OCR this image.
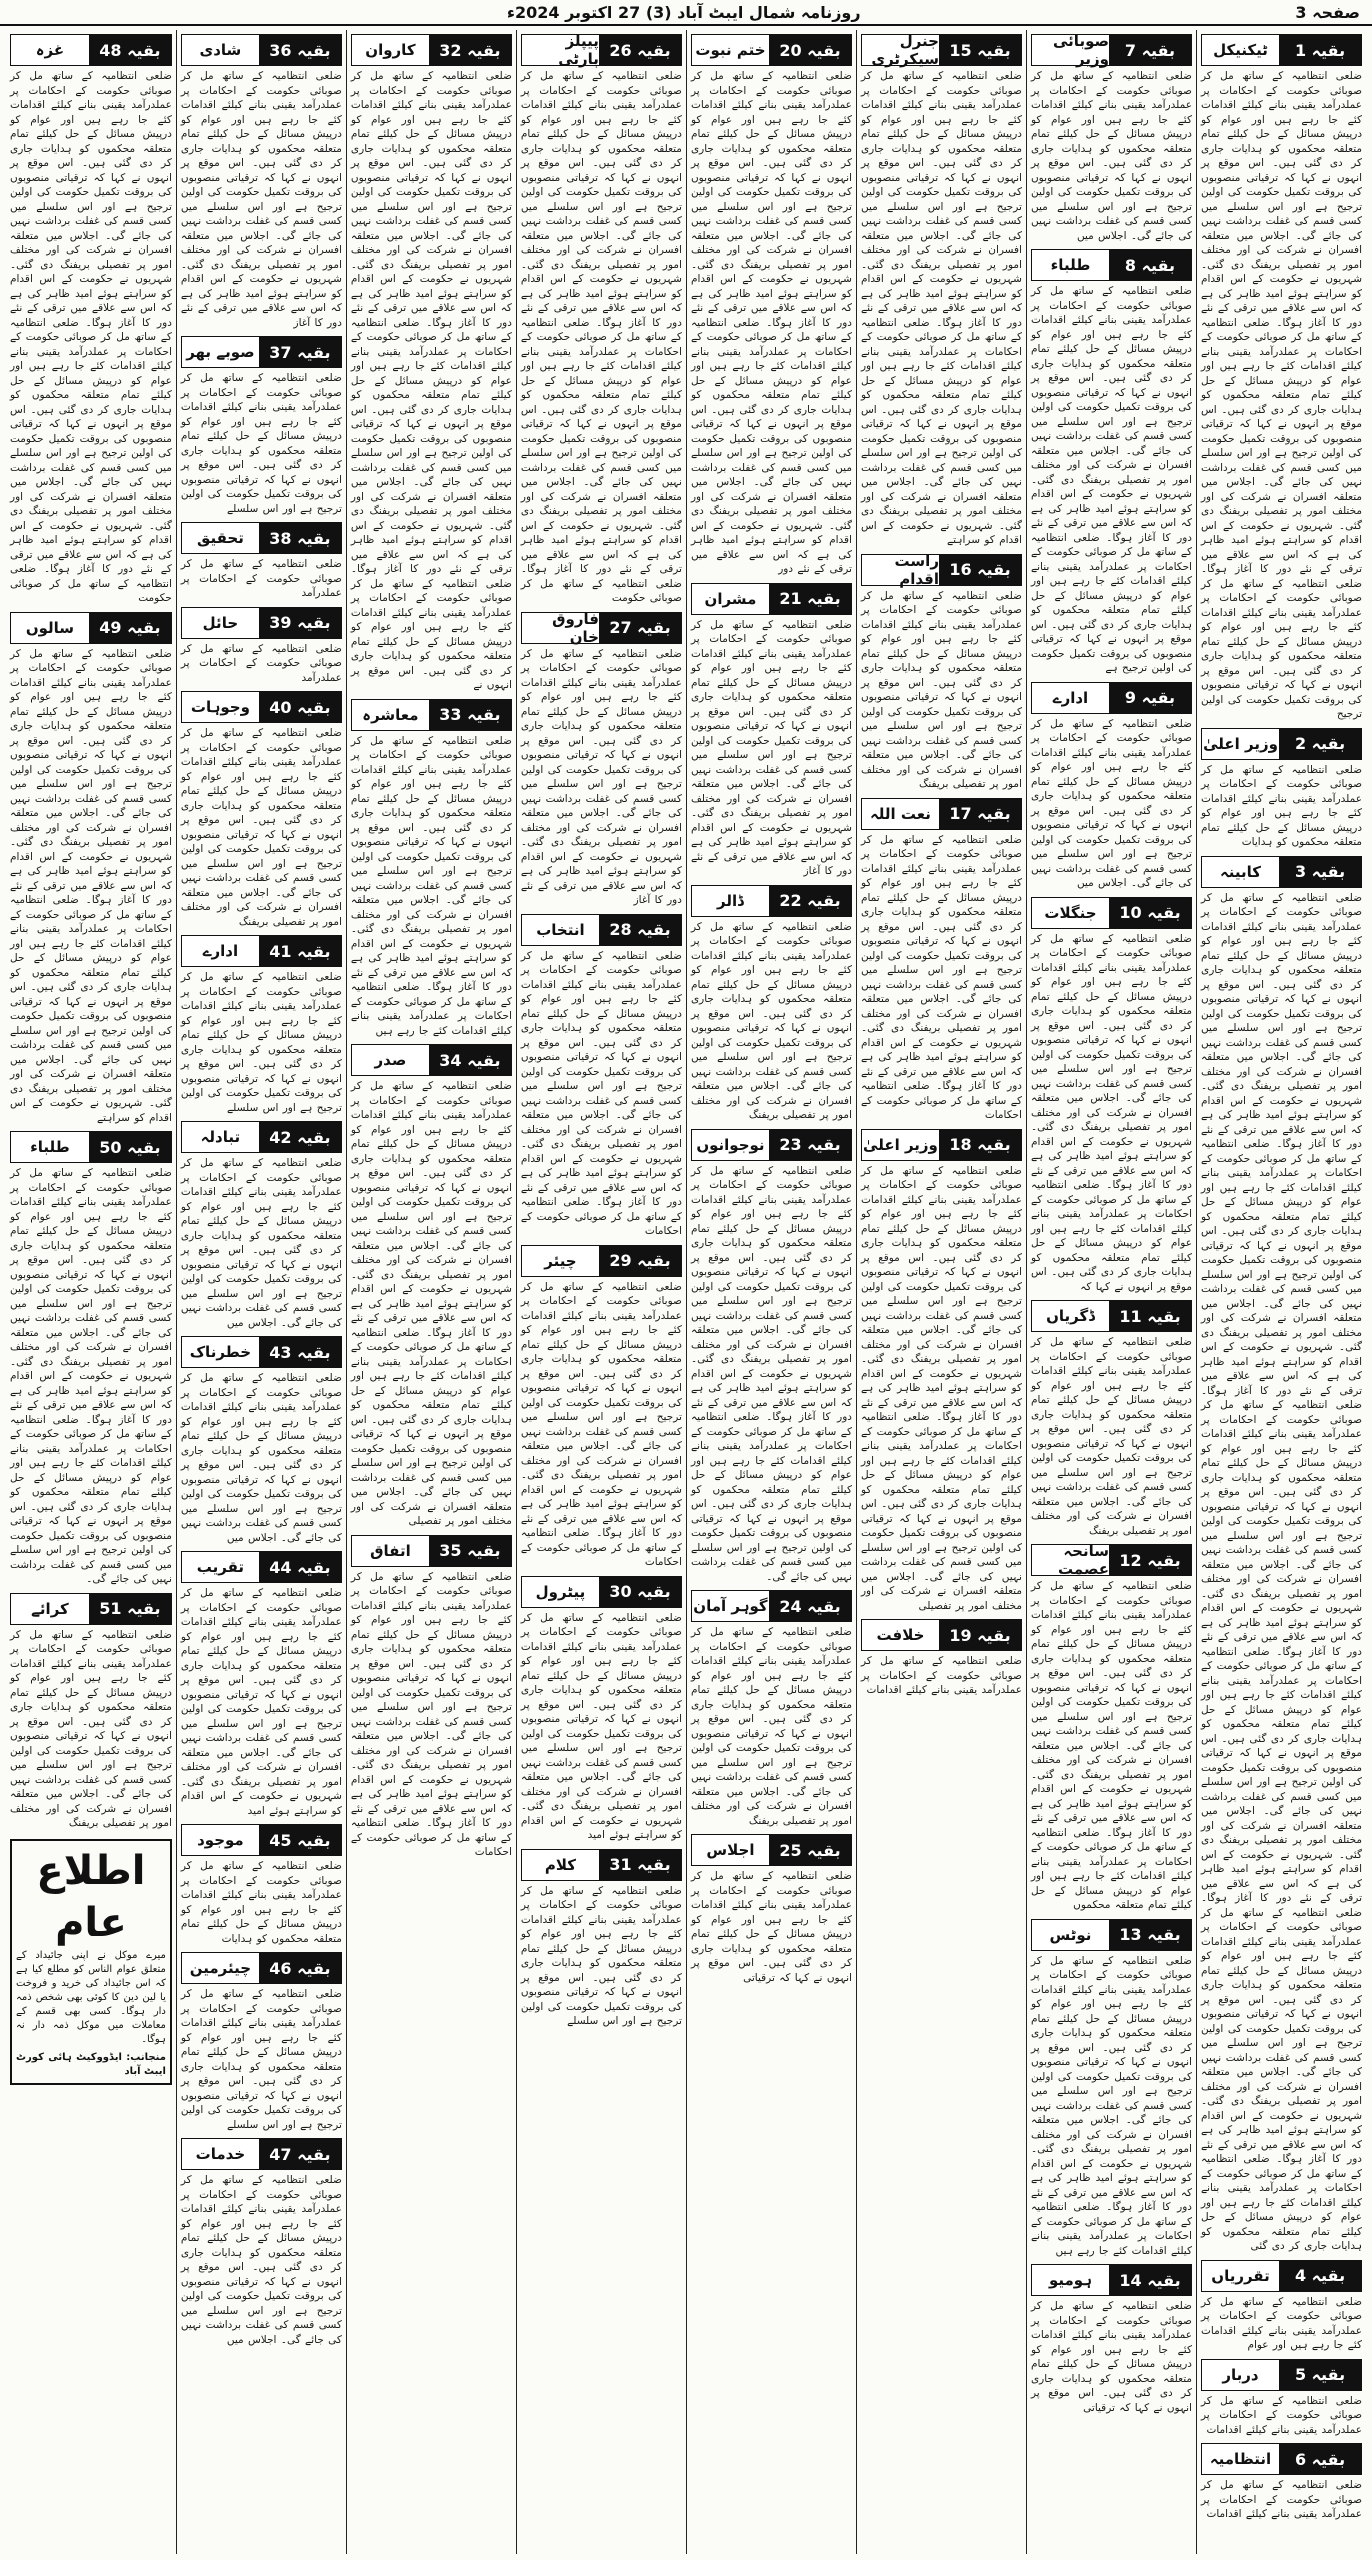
صفحہ 3
روزنامہ شمال ایبٹ آباد (3) 27 اکتوبر 2024ء
بقیہ 1
ٹیکنیکل
ضلعی انتظامیہ کے ساتھ مل کر صوبائی حکومت کے احکامات پر عملدرآمد یقینی بنانے کیلئے اقدامات کئے جا رہے ہیں اور عوام کو درپیش مسائل کے حل کیلئے تمام متعلقہ محکموں کو ہدایات جاری کر دی گئی ہیں۔ اس موقع پر انہوں نے کہا کہ ترقیاتی منصوبوں کی بروقت تکمیل حکومت کی اولین ترجیح ہے اور اس سلسلے میں کسی قسم کی غفلت برداشت نہیں کی جائے گی۔ اجلاس میں متعلقہ افسران نے شرکت کی اور مختلف امور پر تفصیلی بریفنگ دی گئی۔ شہریوں نے حکومت کے اس اقدام کو سراہتے ہوئے امید ظاہر کی ہے کہ اس سے علاقے میں ترقی کے نئے دور کا آغاز ہوگا۔ ضلعی انتظامیہ کے ساتھ مل کر صوبائی حکومت کے احکامات پر عملدرآمد یقینی بنانے کیلئے اقدامات کئے جا رہے ہیں اور عوام کو درپیش مسائل کے حل کیلئے تمام متعلقہ محکموں کو ہدایات جاری کر دی گئی ہیں۔ اس موقع پر انہوں نے کہا کہ ترقیاتی منصوبوں کی بروقت تکمیل حکومت کی اولین ترجیح ہے اور اس سلسلے میں کسی قسم کی غفلت برداشت نہیں کی جائے گی۔ اجلاس میں متعلقہ افسران نے شرکت کی اور مختلف امور پر تفصیلی بریفنگ دی گئی۔ شہریوں نے حکومت کے اس اقدام کو سراہتے ہوئے امید ظاہر کی ہے کہ اس سے علاقے میں ترقی کے نئے دور کا آغاز ہوگا۔ ضلعی انتظامیہ کے ساتھ مل کر صوبائی حکومت کے احکامات پر عملدرآمد یقینی بنانے کیلئے اقدامات کئے جا رہے ہیں اور عوام کو درپیش مسائل کے حل کیلئے تمام متعلقہ محکموں کو ہدایات جاری کر دی گئی ہیں۔ اس موقع پر انہوں نے کہا کہ ترقیاتی منصوبوں کی بروقت تکمیل حکومت کی اولین ترجیح
بقیہ 2
وزیر اعلیٰ
ضلعی انتظامیہ کے ساتھ مل کر صوبائی حکومت کے احکامات پر عملدرآمد یقینی بنانے کیلئے اقدامات کئے جا رہے ہیں اور عوام کو درپیش مسائل کے حل کیلئے تمام متعلقہ محکموں کو ہدایات
بقیہ 3
کابینہ
ضلعی انتظامیہ کے ساتھ مل کر صوبائی حکومت کے احکامات پر عملدرآمد یقینی بنانے کیلئے اقدامات کئے جا رہے ہیں اور عوام کو درپیش مسائل کے حل کیلئے تمام متعلقہ محکموں کو ہدایات جاری کر دی گئی ہیں۔ اس موقع پر انہوں نے کہا کہ ترقیاتی منصوبوں کی بروقت تکمیل حکومت کی اولین ترجیح ہے اور اس سلسلے میں کسی قسم کی غفلت برداشت نہیں کی جائے گی۔ اجلاس میں متعلقہ افسران نے شرکت کی اور مختلف امور پر تفصیلی بریفنگ دی گئی۔ شہریوں نے حکومت کے اس اقدام کو سراہتے ہوئے امید ظاہر کی ہے کہ اس سے علاقے میں ترقی کے نئے دور کا آغاز ہوگا۔ ضلعی انتظامیہ کے ساتھ مل کر صوبائی حکومت کے احکامات پر عملدرآمد یقینی بنانے کیلئے اقدامات کئے جا رہے ہیں اور عوام کو درپیش مسائل کے حل کیلئے تمام متعلقہ محکموں کو ہدایات جاری کر دی گئی ہیں۔ اس موقع پر انہوں نے کہا کہ ترقیاتی منصوبوں کی بروقت تکمیل حکومت کی اولین ترجیح ہے اور اس سلسلے میں کسی قسم کی غفلت برداشت نہیں کی جائے گی۔ اجلاس میں متعلقہ افسران نے شرکت کی اور مختلف امور پر تفصیلی بریفنگ دی گئی۔ شہریوں نے حکومت کے اس اقدام کو سراہتے ہوئے امید ظاہر کی ہے کہ اس سے علاقے میں ترقی کے نئے دور کا آغاز ہوگا۔ ضلعی انتظامیہ کے ساتھ مل کر صوبائی حکومت کے احکامات پر عملدرآمد یقینی بنانے کیلئے اقدامات کئے جا رہے ہیں اور عوام کو درپیش مسائل کے حل کیلئے تمام متعلقہ محکموں کو ہدایات جاری کر دی گئی ہیں۔ اس موقع پر انہوں نے کہا کہ ترقیاتی منصوبوں کی بروقت تکمیل حکومت کی اولین ترجیح ہے اور اس سلسلے میں کسی قسم کی غفلت برداشت نہیں کی جائے گی۔ اجلاس میں متعلقہ افسران نے شرکت کی اور مختلف امور پر تفصیلی بریفنگ دی گئی۔ شہریوں نے حکومت کے اس اقدام کو سراہتے ہوئے امید ظاہر کی ہے کہ اس سے علاقے میں ترقی کے نئے دور کا آغاز ہوگا۔ ضلعی انتظامیہ کے ساتھ مل کر صوبائی حکومت کے احکامات پر عملدرآمد یقینی بنانے کیلئے اقدامات کئے جا رہے ہیں اور عوام کو درپیش مسائل کے حل کیلئے تمام متعلقہ محکموں کو ہدایات جاری کر دی گئی ہیں۔ اس موقع پر انہوں نے کہا کہ ترقیاتی منصوبوں کی بروقت تکمیل حکومت کی اولین ترجیح ہے اور اس سلسلے میں کسی قسم کی غفلت برداشت نہیں کی جائے گی۔ اجلاس میں متعلقہ افسران نے شرکت کی اور مختلف امور پر تفصیلی بریفنگ دی گئی۔ شہریوں نے حکومت کے اس اقدام کو سراہتے ہوئے امید ظاہر کی ہے کہ اس سے علاقے میں ترقی کے نئے دور کا آغاز ہوگا۔ ضلعی انتظامیہ کے ساتھ مل کر صوبائی حکومت کے احکامات پر عملدرآمد یقینی بنانے کیلئے اقدامات کئے جا رہے ہیں اور عوام کو درپیش مسائل کے حل کیلئے تمام متعلقہ محکموں کو ہدایات جاری کر دی گئی ہیں۔ اس موقع پر انہوں نے کہا کہ ترقیاتی منصوبوں کی بروقت تکمیل حکومت کی اولین ترجیح ہے اور اس سلسلے میں کسی قسم کی غفلت برداشت نہیں کی جائے گی۔ اجلاس میں متعلقہ افسران نے شرکت کی اور مختلف امور پر تفصیلی بریفنگ دی گئی۔ شہریوں نے حکومت کے اس اقدام کو سراہتے ہوئے امید ظاہر کی ہے کہ اس سے علاقے میں ترقی کے نئے دور کا آغاز ہوگا۔ ضلعی انتظامیہ کے ساتھ مل کر صوبائی حکومت کے احکامات پر عملدرآمد یقینی بنانے کیلئے اقدامات کئے جا رہے ہیں اور عوام کو درپیش مسائل کے حل کیلئے تمام متعلقہ محکموں کو ہدایات جاری کر دی گئی
بقیہ 4
تقرریاں
ضلعی انتظامیہ کے ساتھ مل کر صوبائی حکومت کے احکامات پر عملدرآمد یقینی بنانے کیلئے اقدامات کئے جا رہے ہیں اور عوام
بقیہ 5
دربار
ضلعی انتظامیہ کے ساتھ مل کر صوبائی حکومت کے احکامات پر عملدرآمد یقینی بنانے کیلئے اقدامات
بقیہ 6
انتظامیہ
ضلعی انتظامیہ کے ساتھ مل کر صوبائی حکومت کے احکامات پر عملدرآمد یقینی بنانے کیلئے اقدامات
بقیہ 7
صوبائی وزیر
ضلعی انتظامیہ کے ساتھ مل کر صوبائی حکومت کے احکامات پر عملدرآمد یقینی بنانے کیلئے اقدامات کئے جا رہے ہیں اور عوام کو درپیش مسائل کے حل کیلئے تمام متعلقہ محکموں کو ہدایات جاری کر دی گئی ہیں۔ اس موقع پر انہوں نے کہا کہ ترقیاتی منصوبوں کی بروقت تکمیل حکومت کی اولین ترجیح ہے اور اس سلسلے میں کسی قسم کی غفلت برداشت نہیں کی جائے گی۔ اجلاس میں
بقیہ 8
طلباء
ضلعی انتظامیہ کے ساتھ مل کر صوبائی حکومت کے احکامات پر عملدرآمد یقینی بنانے کیلئے اقدامات کئے جا رہے ہیں اور عوام کو درپیش مسائل کے حل کیلئے تمام متعلقہ محکموں کو ہدایات جاری کر دی گئی ہیں۔ اس موقع پر انہوں نے کہا کہ ترقیاتی منصوبوں کی بروقت تکمیل حکومت کی اولین ترجیح ہے اور اس سلسلے میں کسی قسم کی غفلت برداشت نہیں کی جائے گی۔ اجلاس میں متعلقہ افسران نے شرکت کی اور مختلف امور پر تفصیلی بریفنگ دی گئی۔ شہریوں نے حکومت کے اس اقدام کو سراہتے ہوئے امید ظاہر کی ہے کہ اس سے علاقے میں ترقی کے نئے دور کا آغاز ہوگا۔ ضلعی انتظامیہ کے ساتھ مل کر صوبائی حکومت کے احکامات پر عملدرآمد یقینی بنانے کیلئے اقدامات کئے جا رہے ہیں اور عوام کو درپیش مسائل کے حل کیلئے تمام متعلقہ محکموں کو ہدایات جاری کر دی گئی ہیں۔ اس موقع پر انہوں نے کہا کہ ترقیاتی منصوبوں کی بروقت تکمیل حکومت کی اولین ترجیح ہے
بقیہ 9
ادارے
ضلعی انتظامیہ کے ساتھ مل کر صوبائی حکومت کے احکامات پر عملدرآمد یقینی بنانے کیلئے اقدامات کئے جا رہے ہیں اور عوام کو درپیش مسائل کے حل کیلئے تمام متعلقہ محکموں کو ہدایات جاری کر دی گئی ہیں۔ اس موقع پر انہوں نے کہا کہ ترقیاتی منصوبوں کی بروقت تکمیل حکومت کی اولین ترجیح ہے اور اس سلسلے میں کسی قسم کی غفلت برداشت نہیں کی جائے گی۔ اجلاس میں
بقیہ 10
جنگلات
ضلعی انتظامیہ کے ساتھ مل کر صوبائی حکومت کے احکامات پر عملدرآمد یقینی بنانے کیلئے اقدامات کئے جا رہے ہیں اور عوام کو درپیش مسائل کے حل کیلئے تمام متعلقہ محکموں کو ہدایات جاری کر دی گئی ہیں۔ اس موقع پر انہوں نے کہا کہ ترقیاتی منصوبوں کی بروقت تکمیل حکومت کی اولین ترجیح ہے اور اس سلسلے میں کسی قسم کی غفلت برداشت نہیں کی جائے گی۔ اجلاس میں متعلقہ افسران نے شرکت کی اور مختلف امور پر تفصیلی بریفنگ دی گئی۔ شہریوں نے حکومت کے اس اقدام کو سراہتے ہوئے امید ظاہر کی ہے کہ اس سے علاقے میں ترقی کے نئے دور کا آغاز ہوگا۔ ضلعی انتظامیہ کے ساتھ مل کر صوبائی حکومت کے احکامات پر عملدرآمد یقینی بنانے کیلئے اقدامات کئے جا رہے ہیں اور عوام کو درپیش مسائل کے حل کیلئے تمام متعلقہ محکموں کو ہدایات جاری کر دی گئی ہیں۔ اس موقع پر انہوں نے کہا کہ
بقیہ 11
ڈگریاں
ضلعی انتظامیہ کے ساتھ مل کر صوبائی حکومت کے احکامات پر عملدرآمد یقینی بنانے کیلئے اقدامات کئے جا رہے ہیں اور عوام کو درپیش مسائل کے حل کیلئے تمام متعلقہ محکموں کو ہدایات جاری کر دی گئی ہیں۔ اس موقع پر انہوں نے کہا کہ ترقیاتی منصوبوں کی بروقت تکمیل حکومت کی اولین ترجیح ہے اور اس سلسلے میں کسی قسم کی غفلت برداشت نہیں کی جائے گی۔ اجلاس میں متعلقہ افسران نے شرکت کی اور مختلف امور پر تفصیلی بریفنگ
بقیہ 12
سانحہ عصمت
ضلعی انتظامیہ کے ساتھ مل کر صوبائی حکومت کے احکامات پر عملدرآمد یقینی بنانے کیلئے اقدامات کئے جا رہے ہیں اور عوام کو درپیش مسائل کے حل کیلئے تمام متعلقہ محکموں کو ہدایات جاری کر دی گئی ہیں۔ اس موقع پر انہوں نے کہا کہ ترقیاتی منصوبوں کی بروقت تکمیل حکومت کی اولین ترجیح ہے اور اس سلسلے میں کسی قسم کی غفلت برداشت نہیں کی جائے گی۔ اجلاس میں متعلقہ افسران نے شرکت کی اور مختلف امور پر تفصیلی بریفنگ دی گئی۔ شہریوں نے حکومت کے اس اقدام کو سراہتے ہوئے امید ظاہر کی ہے کہ اس سے علاقے میں ترقی کے نئے دور کا آغاز ہوگا۔ ضلعی انتظامیہ کے ساتھ مل کر صوبائی حکومت کے احکامات پر عملدرآمد یقینی بنانے کیلئے اقدامات کئے جا رہے ہیں اور عوام کو درپیش مسائل کے حل کیلئے تمام متعلقہ محکموں
بقیہ 13
نوٹس
ضلعی انتظامیہ کے ساتھ مل کر صوبائی حکومت کے احکامات پر عملدرآمد یقینی بنانے کیلئے اقدامات کئے جا رہے ہیں اور عوام کو درپیش مسائل کے حل کیلئے تمام متعلقہ محکموں کو ہدایات جاری کر دی گئی ہیں۔ اس موقع پر انہوں نے کہا کہ ترقیاتی منصوبوں کی بروقت تکمیل حکومت کی اولین ترجیح ہے اور اس سلسلے میں کسی قسم کی غفلت برداشت نہیں کی جائے گی۔ اجلاس میں متعلقہ افسران نے شرکت کی اور مختلف امور پر تفصیلی بریفنگ دی گئی۔ شہریوں نے حکومت کے اس اقدام کو سراہتے ہوئے امید ظاہر کی ہے کہ اس سے علاقے میں ترقی کے نئے دور کا آغاز ہوگا۔ ضلعی انتظامیہ کے ساتھ مل کر صوبائی حکومت کے احکامات پر عملدرآمد یقینی بنانے کیلئے اقدامات کئے جا رہے ہیں
بقیہ 14
ہومیو
ضلعی انتظامیہ کے ساتھ مل کر صوبائی حکومت کے احکامات پر عملدرآمد یقینی بنانے کیلئے اقدامات کئے جا رہے ہیں اور عوام کو درپیش مسائل کے حل کیلئے تمام متعلقہ محکموں کو ہدایات جاری کر دی گئی ہیں۔ اس موقع پر انہوں نے کہا کہ ترقیاتی
بقیہ 15
جنرل سیکرٹری
ضلعی انتظامیہ کے ساتھ مل کر صوبائی حکومت کے احکامات پر عملدرآمد یقینی بنانے کیلئے اقدامات کئے جا رہے ہیں اور عوام کو درپیش مسائل کے حل کیلئے تمام متعلقہ محکموں کو ہدایات جاری کر دی گئی ہیں۔ اس موقع پر انہوں نے کہا کہ ترقیاتی منصوبوں کی بروقت تکمیل حکومت کی اولین ترجیح ہے اور اس سلسلے میں کسی قسم کی غفلت برداشت نہیں کی جائے گی۔ اجلاس میں متعلقہ افسران نے شرکت کی اور مختلف امور پر تفصیلی بریفنگ دی گئی۔ شہریوں نے حکومت کے اس اقدام کو سراہتے ہوئے امید ظاہر کی ہے کہ اس سے علاقے میں ترقی کے نئے دور کا آغاز ہوگا۔ ضلعی انتظامیہ کے ساتھ مل کر صوبائی حکومت کے احکامات پر عملدرآمد یقینی بنانے کیلئے اقدامات کئے جا رہے ہیں اور عوام کو درپیش مسائل کے حل کیلئے تمام متعلقہ محکموں کو ہدایات جاری کر دی گئی ہیں۔ اس موقع پر انہوں نے کہا کہ ترقیاتی منصوبوں کی بروقت تکمیل حکومت کی اولین ترجیح ہے اور اس سلسلے میں کسی قسم کی غفلت برداشت نہیں کی جائے گی۔ اجلاس میں متعلقہ افسران نے شرکت کی اور مختلف امور پر تفصیلی بریفنگ دی گئی۔ شہریوں نے حکومت کے اس اقدام کو سراہتے
بقیہ 16
راست اقدام
ضلعی انتظامیہ کے ساتھ مل کر صوبائی حکومت کے احکامات پر عملدرآمد یقینی بنانے کیلئے اقدامات کئے جا رہے ہیں اور عوام کو درپیش مسائل کے حل کیلئے تمام متعلقہ محکموں کو ہدایات جاری کر دی گئی ہیں۔ اس موقع پر انہوں نے کہا کہ ترقیاتی منصوبوں کی بروقت تکمیل حکومت کی اولین ترجیح ہے اور اس سلسلے میں کسی قسم کی غفلت برداشت نہیں کی جائے گی۔ اجلاس میں متعلقہ افسران نے شرکت کی اور مختلف امور پر تفصیلی بریفنگ
بقیہ 17
نعت اللہ
ضلعی انتظامیہ کے ساتھ مل کر صوبائی حکومت کے احکامات پر عملدرآمد یقینی بنانے کیلئے اقدامات کئے جا رہے ہیں اور عوام کو درپیش مسائل کے حل کیلئے تمام متعلقہ محکموں کو ہدایات جاری کر دی گئی ہیں۔ اس موقع پر انہوں نے کہا کہ ترقیاتی منصوبوں کی بروقت تکمیل حکومت کی اولین ترجیح ہے اور اس سلسلے میں کسی قسم کی غفلت برداشت نہیں کی جائے گی۔ اجلاس میں متعلقہ افسران نے شرکت کی اور مختلف امور پر تفصیلی بریفنگ دی گئی۔ شہریوں نے حکومت کے اس اقدام کو سراہتے ہوئے امید ظاہر کی ہے کہ اس سے علاقے میں ترقی کے نئے دور کا آغاز ہوگا۔ ضلعی انتظامیہ کے ساتھ مل کر صوبائی حکومت کے احکامات
بقیہ 18
وزیر اعلیٰ
ضلعی انتظامیہ کے ساتھ مل کر صوبائی حکومت کے احکامات پر عملدرآمد یقینی بنانے کیلئے اقدامات کئے جا رہے ہیں اور عوام کو درپیش مسائل کے حل کیلئے تمام متعلقہ محکموں کو ہدایات جاری کر دی گئی ہیں۔ اس موقع پر انہوں نے کہا کہ ترقیاتی منصوبوں کی بروقت تکمیل حکومت کی اولین ترجیح ہے اور اس سلسلے میں کسی قسم کی غفلت برداشت نہیں کی جائے گی۔ اجلاس میں متعلقہ افسران نے شرکت کی اور مختلف امور پر تفصیلی بریفنگ دی گئی۔ شہریوں نے حکومت کے اس اقدام کو سراہتے ہوئے امید ظاہر کی ہے کہ اس سے علاقے میں ترقی کے نئے دور کا آغاز ہوگا۔ ضلعی انتظامیہ کے ساتھ مل کر صوبائی حکومت کے احکامات پر عملدرآمد یقینی بنانے کیلئے اقدامات کئے جا رہے ہیں اور عوام کو درپیش مسائل کے حل کیلئے تمام متعلقہ محکموں کو ہدایات جاری کر دی گئی ہیں۔ اس موقع پر انہوں نے کہا کہ ترقیاتی منصوبوں کی بروقت تکمیل حکومت کی اولین ترجیح ہے اور اس سلسلے میں کسی قسم کی غفلت برداشت نہیں کی جائے گی۔ اجلاس میں متعلقہ افسران نے شرکت کی اور مختلف امور پر تفصیلی
بقیہ 19
خلافت
ضلعی انتظامیہ کے ساتھ مل کر صوبائی حکومت کے احکامات پر عملدرآمد یقینی بنانے کیلئے اقدامات
بقیہ 20
ختم نبوت
ضلعی انتظامیہ کے ساتھ مل کر صوبائی حکومت کے احکامات پر عملدرآمد یقینی بنانے کیلئے اقدامات کئے جا رہے ہیں اور عوام کو درپیش مسائل کے حل کیلئے تمام متعلقہ محکموں کو ہدایات جاری کر دی گئی ہیں۔ اس موقع پر انہوں نے کہا کہ ترقیاتی منصوبوں کی بروقت تکمیل حکومت کی اولین ترجیح ہے اور اس سلسلے میں کسی قسم کی غفلت برداشت نہیں کی جائے گی۔ اجلاس میں متعلقہ افسران نے شرکت کی اور مختلف امور پر تفصیلی بریفنگ دی گئی۔ شہریوں نے حکومت کے اس اقدام کو سراہتے ہوئے امید ظاہر کی ہے کہ اس سے علاقے میں ترقی کے نئے دور کا آغاز ہوگا۔ ضلعی انتظامیہ کے ساتھ مل کر صوبائی حکومت کے احکامات پر عملدرآمد یقینی بنانے کیلئے اقدامات کئے جا رہے ہیں اور عوام کو درپیش مسائل کے حل کیلئے تمام متعلقہ محکموں کو ہدایات جاری کر دی گئی ہیں۔ اس موقع پر انہوں نے کہا کہ ترقیاتی منصوبوں کی بروقت تکمیل حکومت کی اولین ترجیح ہے اور اس سلسلے میں کسی قسم کی غفلت برداشت نہیں کی جائے گی۔ اجلاس میں متعلقہ افسران نے شرکت کی اور مختلف امور پر تفصیلی بریفنگ دی گئی۔ شہریوں نے حکومت کے اس اقدام کو سراہتے ہوئے امید ظاہر کی ہے کہ اس سے علاقے میں ترقی کے نئے دور
بقیہ 21
مشران
ضلعی انتظامیہ کے ساتھ مل کر صوبائی حکومت کے احکامات پر عملدرآمد یقینی بنانے کیلئے اقدامات کئے جا رہے ہیں اور عوام کو درپیش مسائل کے حل کیلئے تمام متعلقہ محکموں کو ہدایات جاری کر دی گئی ہیں۔ اس موقع پر انہوں نے کہا کہ ترقیاتی منصوبوں کی بروقت تکمیل حکومت کی اولین ترجیح ہے اور اس سلسلے میں کسی قسم کی غفلت برداشت نہیں کی جائے گی۔ اجلاس میں متعلقہ افسران نے شرکت کی اور مختلف امور پر تفصیلی بریفنگ دی گئی۔ شہریوں نے حکومت کے اس اقدام کو سراہتے ہوئے امید ظاہر کی ہے کہ اس سے علاقے میں ترقی کے نئے دور کا آغاز
بقیہ 22
ڈالر
ضلعی انتظامیہ کے ساتھ مل کر صوبائی حکومت کے احکامات پر عملدرآمد یقینی بنانے کیلئے اقدامات کئے جا رہے ہیں اور عوام کو درپیش مسائل کے حل کیلئے تمام متعلقہ محکموں کو ہدایات جاری کر دی گئی ہیں۔ اس موقع پر انہوں نے کہا کہ ترقیاتی منصوبوں کی بروقت تکمیل حکومت کی اولین ترجیح ہے اور اس سلسلے میں کسی قسم کی غفلت برداشت نہیں کی جائے گی۔ اجلاس میں متعلقہ افسران نے شرکت کی اور مختلف امور پر تفصیلی بریفنگ
بقیہ 23
نوجوانوں
ضلعی انتظامیہ کے ساتھ مل کر صوبائی حکومت کے احکامات پر عملدرآمد یقینی بنانے کیلئے اقدامات کئے جا رہے ہیں اور عوام کو درپیش مسائل کے حل کیلئے تمام متعلقہ محکموں کو ہدایات جاری کر دی گئی ہیں۔ اس موقع پر انہوں نے کہا کہ ترقیاتی منصوبوں کی بروقت تکمیل حکومت کی اولین ترجیح ہے اور اس سلسلے میں کسی قسم کی غفلت برداشت نہیں کی جائے گی۔ اجلاس میں متعلقہ افسران نے شرکت کی اور مختلف امور پر تفصیلی بریفنگ دی گئی۔ شہریوں نے حکومت کے اس اقدام کو سراہتے ہوئے امید ظاہر کی ہے کہ اس سے علاقے میں ترقی کے نئے دور کا آغاز ہوگا۔ ضلعی انتظامیہ کے ساتھ مل کر صوبائی حکومت کے احکامات پر عملدرآمد یقینی بنانے کیلئے اقدامات کئے جا رہے ہیں اور عوام کو درپیش مسائل کے حل کیلئے تمام متعلقہ محکموں کو ہدایات جاری کر دی گئی ہیں۔ اس موقع پر انہوں نے کہا کہ ترقیاتی منصوبوں کی بروقت تکمیل حکومت کی اولین ترجیح ہے اور اس سلسلے میں کسی قسم کی غفلت برداشت نہیں کی جائے گی۔
بقیہ 24
گوہر آمان
ضلعی انتظامیہ کے ساتھ مل کر صوبائی حکومت کے احکامات پر عملدرآمد یقینی بنانے کیلئے اقدامات کئے جا رہے ہیں اور عوام کو درپیش مسائل کے حل کیلئے تمام متعلقہ محکموں کو ہدایات جاری کر دی گئی ہیں۔ اس موقع پر انہوں نے کہا کہ ترقیاتی منصوبوں کی بروقت تکمیل حکومت کی اولین ترجیح ہے اور اس سلسلے میں کسی قسم کی غفلت برداشت نہیں کی جائے گی۔ اجلاس میں متعلقہ افسران نے شرکت کی اور مختلف امور پر تفصیلی بریفنگ
بقیہ 25
اجلاس
ضلعی انتظامیہ کے ساتھ مل کر صوبائی حکومت کے احکامات پر عملدرآمد یقینی بنانے کیلئے اقدامات کئے جا رہے ہیں اور عوام کو درپیش مسائل کے حل کیلئے تمام متعلقہ محکموں کو ہدایات جاری کر دی گئی ہیں۔ اس موقع پر انہوں نے کہا کہ ترقیاتی
بقیہ 26
پیپلز پارٹی
ضلعی انتظامیہ کے ساتھ مل کر صوبائی حکومت کے احکامات پر عملدرآمد یقینی بنانے کیلئے اقدامات کئے جا رہے ہیں اور عوام کو درپیش مسائل کے حل کیلئے تمام متعلقہ محکموں کو ہدایات جاری کر دی گئی ہیں۔ اس موقع پر انہوں نے کہا کہ ترقیاتی منصوبوں کی بروقت تکمیل حکومت کی اولین ترجیح ہے اور اس سلسلے میں کسی قسم کی غفلت برداشت نہیں کی جائے گی۔ اجلاس میں متعلقہ افسران نے شرکت کی اور مختلف امور پر تفصیلی بریفنگ دی گئی۔ شہریوں نے حکومت کے اس اقدام کو سراہتے ہوئے امید ظاہر کی ہے کہ اس سے علاقے میں ترقی کے نئے دور کا آغاز ہوگا۔ ضلعی انتظامیہ کے ساتھ مل کر صوبائی حکومت کے احکامات پر عملدرآمد یقینی بنانے کیلئے اقدامات کئے جا رہے ہیں اور عوام کو درپیش مسائل کے حل کیلئے تمام متعلقہ محکموں کو ہدایات جاری کر دی گئی ہیں۔ اس موقع پر انہوں نے کہا کہ ترقیاتی منصوبوں کی بروقت تکمیل حکومت کی اولین ترجیح ہے اور اس سلسلے میں کسی قسم کی غفلت برداشت نہیں کی جائے گی۔ اجلاس میں متعلقہ افسران نے شرکت کی اور مختلف امور پر تفصیلی بریفنگ دی گئی۔ شہریوں نے حکومت کے اس اقدام کو سراہتے ہوئے امید ظاہر کی ہے کہ اس سے علاقے میں ترقی کے نئے دور کا آغاز ہوگا۔ ضلعی انتظامیہ کے ساتھ مل کر صوبائی حکومت
بقیہ 27
فاروق خان
ضلعی انتظامیہ کے ساتھ مل کر صوبائی حکومت کے احکامات پر عملدرآمد یقینی بنانے کیلئے اقدامات کئے جا رہے ہیں اور عوام کو درپیش مسائل کے حل کیلئے تمام متعلقہ محکموں کو ہدایات جاری کر دی گئی ہیں۔ اس موقع پر انہوں نے کہا کہ ترقیاتی منصوبوں کی بروقت تکمیل حکومت کی اولین ترجیح ہے اور اس سلسلے میں کسی قسم کی غفلت برداشت نہیں کی جائے گی۔ اجلاس میں متعلقہ افسران نے شرکت کی اور مختلف امور پر تفصیلی بریفنگ دی گئی۔ شہریوں نے حکومت کے اس اقدام کو سراہتے ہوئے امید ظاہر کی ہے کہ اس سے علاقے میں ترقی کے نئے دور کا آغاز
بقیہ 28
انتخاب
ضلعی انتظامیہ کے ساتھ مل کر صوبائی حکومت کے احکامات پر عملدرآمد یقینی بنانے کیلئے اقدامات کئے جا رہے ہیں اور عوام کو درپیش مسائل کے حل کیلئے تمام متعلقہ محکموں کو ہدایات جاری کر دی گئی ہیں۔ اس موقع پر انہوں نے کہا کہ ترقیاتی منصوبوں کی بروقت تکمیل حکومت کی اولین ترجیح ہے اور اس سلسلے میں کسی قسم کی غفلت برداشت نہیں کی جائے گی۔ اجلاس میں متعلقہ افسران نے شرکت کی اور مختلف امور پر تفصیلی بریفنگ دی گئی۔ شہریوں نے حکومت کے اس اقدام کو سراہتے ہوئے امید ظاہر کی ہے کہ اس سے علاقے میں ترقی کے نئے دور کا آغاز ہوگا۔ ضلعی انتظامیہ کے ساتھ مل کر صوبائی حکومت کے احکامات
بقیہ 29
چیئر
ضلعی انتظامیہ کے ساتھ مل کر صوبائی حکومت کے احکامات پر عملدرآمد یقینی بنانے کیلئے اقدامات کئے جا رہے ہیں اور عوام کو درپیش مسائل کے حل کیلئے تمام متعلقہ محکموں کو ہدایات جاری کر دی گئی ہیں۔ اس موقع پر انہوں نے کہا کہ ترقیاتی منصوبوں کی بروقت تکمیل حکومت کی اولین ترجیح ہے اور اس سلسلے میں کسی قسم کی غفلت برداشت نہیں کی جائے گی۔ اجلاس میں متعلقہ افسران نے شرکت کی اور مختلف امور پر تفصیلی بریفنگ دی گئی۔ شہریوں نے حکومت کے اس اقدام کو سراہتے ہوئے امید ظاہر کی ہے کہ اس سے علاقے میں ترقی کے نئے دور کا آغاز ہوگا۔ ضلعی انتظامیہ کے ساتھ مل کر صوبائی حکومت کے احکامات
بقیہ 30
پیٹرول
ضلعی انتظامیہ کے ساتھ مل کر صوبائی حکومت کے احکامات پر عملدرآمد یقینی بنانے کیلئے اقدامات کئے جا رہے ہیں اور عوام کو درپیش مسائل کے حل کیلئے تمام متعلقہ محکموں کو ہدایات جاری کر دی گئی ہیں۔ اس موقع پر انہوں نے کہا کہ ترقیاتی منصوبوں کی بروقت تکمیل حکومت کی اولین ترجیح ہے اور اس سلسلے میں کسی قسم کی غفلت برداشت نہیں کی جائے گی۔ اجلاس میں متعلقہ افسران نے شرکت کی اور مختلف امور پر تفصیلی بریفنگ دی گئی۔ شہریوں نے حکومت کے اس اقدام کو سراہتے ہوئے امید
بقیہ 31
کلام
ضلعی انتظامیہ کے ساتھ مل کر صوبائی حکومت کے احکامات پر عملدرآمد یقینی بنانے کیلئے اقدامات کئے جا رہے ہیں اور عوام کو درپیش مسائل کے حل کیلئے تمام متعلقہ محکموں کو ہدایات جاری کر دی گئی ہیں۔ اس موقع پر انہوں نے کہا کہ ترقیاتی منصوبوں کی بروقت تکمیل حکومت کی اولین ترجیح ہے اور اس سلسلے
بقیہ 32
کاروان
ضلعی انتظامیہ کے ساتھ مل کر صوبائی حکومت کے احکامات پر عملدرآمد یقینی بنانے کیلئے اقدامات کئے جا رہے ہیں اور عوام کو درپیش مسائل کے حل کیلئے تمام متعلقہ محکموں کو ہدایات جاری کر دی گئی ہیں۔ اس موقع پر انہوں نے کہا کہ ترقیاتی منصوبوں کی بروقت تکمیل حکومت کی اولین ترجیح ہے اور اس سلسلے میں کسی قسم کی غفلت برداشت نہیں کی جائے گی۔ اجلاس میں متعلقہ افسران نے شرکت کی اور مختلف امور پر تفصیلی بریفنگ دی گئی۔ شہریوں نے حکومت کے اس اقدام کو سراہتے ہوئے امید ظاہر کی ہے کہ اس سے علاقے میں ترقی کے نئے دور کا آغاز ہوگا۔ ضلعی انتظامیہ کے ساتھ مل کر صوبائی حکومت کے احکامات پر عملدرآمد یقینی بنانے کیلئے اقدامات کئے جا رہے ہیں اور عوام کو درپیش مسائل کے حل کیلئے تمام متعلقہ محکموں کو ہدایات جاری کر دی گئی ہیں۔ اس موقع پر انہوں نے کہا کہ ترقیاتی منصوبوں کی بروقت تکمیل حکومت کی اولین ترجیح ہے اور اس سلسلے میں کسی قسم کی غفلت برداشت نہیں کی جائے گی۔ اجلاس میں متعلقہ افسران نے شرکت کی اور مختلف امور پر تفصیلی بریفنگ دی گئی۔ شہریوں نے حکومت کے اس اقدام کو سراہتے ہوئے امید ظاہر کی ہے کہ اس سے علاقے میں ترقی کے نئے دور کا آغاز ہوگا۔ ضلعی انتظامیہ کے ساتھ مل کر صوبائی حکومت کے احکامات پر عملدرآمد یقینی بنانے کیلئے اقدامات کئے جا رہے ہیں اور عوام کو درپیش مسائل کے حل کیلئے تمام متعلقہ محکموں کو ہدایات جاری کر دی گئی ہیں۔ اس موقع پر انہوں نے
بقیہ 33
معاشرہ
ضلعی انتظامیہ کے ساتھ مل کر صوبائی حکومت کے احکامات پر عملدرآمد یقینی بنانے کیلئے اقدامات کئے جا رہے ہیں اور عوام کو درپیش مسائل کے حل کیلئے تمام متعلقہ محکموں کو ہدایات جاری کر دی گئی ہیں۔ اس موقع پر انہوں نے کہا کہ ترقیاتی منصوبوں کی بروقت تکمیل حکومت کی اولین ترجیح ہے اور اس سلسلے میں کسی قسم کی غفلت برداشت نہیں کی جائے گی۔ اجلاس میں متعلقہ افسران نے شرکت کی اور مختلف امور پر تفصیلی بریفنگ دی گئی۔ شہریوں نے حکومت کے اس اقدام کو سراہتے ہوئے امید ظاہر کی ہے کہ اس سے علاقے میں ترقی کے نئے دور کا آغاز ہوگا۔ ضلعی انتظامیہ کے ساتھ مل کر صوبائی حکومت کے احکامات پر عملدرآمد یقینی بنانے کیلئے اقدامات کئے جا رہے ہیں
بقیہ 34
صدر
ضلعی انتظامیہ کے ساتھ مل کر صوبائی حکومت کے احکامات پر عملدرآمد یقینی بنانے کیلئے اقدامات کئے جا رہے ہیں اور عوام کو درپیش مسائل کے حل کیلئے تمام متعلقہ محکموں کو ہدایات جاری کر دی گئی ہیں۔ اس موقع پر انہوں نے کہا کہ ترقیاتی منصوبوں کی بروقت تکمیل حکومت کی اولین ترجیح ہے اور اس سلسلے میں کسی قسم کی غفلت برداشت نہیں کی جائے گی۔ اجلاس میں متعلقہ افسران نے شرکت کی اور مختلف امور پر تفصیلی بریفنگ دی گئی۔ شہریوں نے حکومت کے اس اقدام کو سراہتے ہوئے امید ظاہر کی ہے کہ اس سے علاقے میں ترقی کے نئے دور کا آغاز ہوگا۔ ضلعی انتظامیہ کے ساتھ مل کر صوبائی حکومت کے احکامات پر عملدرآمد یقینی بنانے کیلئے اقدامات کئے جا رہے ہیں اور عوام کو درپیش مسائل کے حل کیلئے تمام متعلقہ محکموں کو ہدایات جاری کر دی گئی ہیں۔ اس موقع پر انہوں نے کہا کہ ترقیاتی منصوبوں کی بروقت تکمیل حکومت کی اولین ترجیح ہے اور اس سلسلے میں کسی قسم کی غفلت برداشت نہیں کی جائے گی۔ اجلاس میں متعلقہ افسران نے شرکت کی اور مختلف امور پر تفصیلی
بقیہ 35
اتفاق
ضلعی انتظامیہ کے ساتھ مل کر صوبائی حکومت کے احکامات پر عملدرآمد یقینی بنانے کیلئے اقدامات کئے جا رہے ہیں اور عوام کو درپیش مسائل کے حل کیلئے تمام متعلقہ محکموں کو ہدایات جاری کر دی گئی ہیں۔ اس موقع پر انہوں نے کہا کہ ترقیاتی منصوبوں کی بروقت تکمیل حکومت کی اولین ترجیح ہے اور اس سلسلے میں کسی قسم کی غفلت برداشت نہیں کی جائے گی۔ اجلاس میں متعلقہ افسران نے شرکت کی اور مختلف امور پر تفصیلی بریفنگ دی گئی۔ شہریوں نے حکومت کے اس اقدام کو سراہتے ہوئے امید ظاہر کی ہے کہ اس سے علاقے میں ترقی کے نئے دور کا آغاز ہوگا۔ ضلعی انتظامیہ کے ساتھ مل کر صوبائی حکومت کے احکامات
بقیہ 36
شادی
ضلعی انتظامیہ کے ساتھ مل کر صوبائی حکومت کے احکامات پر عملدرآمد یقینی بنانے کیلئے اقدامات کئے جا رہے ہیں اور عوام کو درپیش مسائل کے حل کیلئے تمام متعلقہ محکموں کو ہدایات جاری کر دی گئی ہیں۔ اس موقع پر انہوں نے کہا کہ ترقیاتی منصوبوں کی بروقت تکمیل حکومت کی اولین ترجیح ہے اور اس سلسلے میں کسی قسم کی غفلت برداشت نہیں کی جائے گی۔ اجلاس میں متعلقہ افسران نے شرکت کی اور مختلف امور پر تفصیلی بریفنگ دی گئی۔ شہریوں نے حکومت کے اس اقدام کو سراہتے ہوئے امید ظاہر کی ہے کہ اس سے علاقے میں ترقی کے نئے دور کا آغاز
بقیہ 37
صوبے بھر
ضلعی انتظامیہ کے ساتھ مل کر صوبائی حکومت کے احکامات پر عملدرآمد یقینی بنانے کیلئے اقدامات کئے جا رہے ہیں اور عوام کو درپیش مسائل کے حل کیلئے تمام متعلقہ محکموں کو ہدایات جاری کر دی گئی ہیں۔ اس موقع پر انہوں نے کہا کہ ترقیاتی منصوبوں کی بروقت تکمیل حکومت کی اولین ترجیح ہے اور اس سلسلے
بقیہ 38
تحقیق
ضلعی انتظامیہ کے ساتھ مل کر صوبائی حکومت کے احکامات پر عملدرآمد
بقیہ 39
حائل
ضلعی انتظامیہ کے ساتھ مل کر صوبائی حکومت کے احکامات پر عملدرآمد
بقیہ 40
وجوہات
ضلعی انتظامیہ کے ساتھ مل کر صوبائی حکومت کے احکامات پر عملدرآمد یقینی بنانے کیلئے اقدامات کئے جا رہے ہیں اور عوام کو درپیش مسائل کے حل کیلئے تمام متعلقہ محکموں کو ہدایات جاری کر دی گئی ہیں۔ اس موقع پر انہوں نے کہا کہ ترقیاتی منصوبوں کی بروقت تکمیل حکومت کی اولین ترجیح ہے اور اس سلسلے میں کسی قسم کی غفلت برداشت نہیں کی جائے گی۔ اجلاس میں متعلقہ افسران نے شرکت کی اور مختلف امور پر تفصیلی بریفنگ
بقیہ 41
ادارے
ضلعی انتظامیہ کے ساتھ مل کر صوبائی حکومت کے احکامات پر عملدرآمد یقینی بنانے کیلئے اقدامات کئے جا رہے ہیں اور عوام کو درپیش مسائل کے حل کیلئے تمام متعلقہ محکموں کو ہدایات جاری کر دی گئی ہیں۔ اس موقع پر انہوں نے کہا کہ ترقیاتی منصوبوں کی بروقت تکمیل حکومت کی اولین ترجیح ہے اور اس سلسلے
بقیہ 42
تبادلہ
ضلعی انتظامیہ کے ساتھ مل کر صوبائی حکومت کے احکامات پر عملدرآمد یقینی بنانے کیلئے اقدامات کئے جا رہے ہیں اور عوام کو درپیش مسائل کے حل کیلئے تمام متعلقہ محکموں کو ہدایات جاری کر دی گئی ہیں۔ اس موقع پر انہوں نے کہا کہ ترقیاتی منصوبوں کی بروقت تکمیل حکومت کی اولین ترجیح ہے اور اس سلسلے میں کسی قسم کی غفلت برداشت نہیں کی جائے گی۔ اجلاس میں
بقیہ 43
خطرناک
ضلعی انتظامیہ کے ساتھ مل کر صوبائی حکومت کے احکامات پر عملدرآمد یقینی بنانے کیلئے اقدامات کئے جا رہے ہیں اور عوام کو درپیش مسائل کے حل کیلئے تمام متعلقہ محکموں کو ہدایات جاری کر دی گئی ہیں۔ اس موقع پر انہوں نے کہا کہ ترقیاتی منصوبوں کی بروقت تکمیل حکومت کی اولین ترجیح ہے اور اس سلسلے میں کسی قسم کی غفلت برداشت نہیں کی جائے گی۔ اجلاس میں
بقیہ 44
تقریب
ضلعی انتظامیہ کے ساتھ مل کر صوبائی حکومت کے احکامات پر عملدرآمد یقینی بنانے کیلئے اقدامات کئے جا رہے ہیں اور عوام کو درپیش مسائل کے حل کیلئے تمام متعلقہ محکموں کو ہدایات جاری کر دی گئی ہیں۔ اس موقع پر انہوں نے کہا کہ ترقیاتی منصوبوں کی بروقت تکمیل حکومت کی اولین ترجیح ہے اور اس سلسلے میں کسی قسم کی غفلت برداشت نہیں کی جائے گی۔ اجلاس میں متعلقہ افسران نے شرکت کی اور مختلف امور پر تفصیلی بریفنگ دی گئی۔ شہریوں نے حکومت کے اس اقدام کو سراہتے ہوئے امید
بقیہ 45
موجود
ضلعی انتظامیہ کے ساتھ مل کر صوبائی حکومت کے احکامات پر عملدرآمد یقینی بنانے کیلئے اقدامات کئے جا رہے ہیں اور عوام کو درپیش مسائل کے حل کیلئے تمام متعلقہ محکموں کو ہدایات
بقیہ 46
چیئرمین
ضلعی انتظامیہ کے ساتھ مل کر صوبائی حکومت کے احکامات پر عملدرآمد یقینی بنانے کیلئے اقدامات کئے جا رہے ہیں اور عوام کو درپیش مسائل کے حل کیلئے تمام متعلقہ محکموں کو ہدایات جاری کر دی گئی ہیں۔ اس موقع پر انہوں نے کہا کہ ترقیاتی منصوبوں کی بروقت تکمیل حکومت کی اولین ترجیح ہے اور اس سلسلے
بقیہ 47
خدمات
ضلعی انتظامیہ کے ساتھ مل کر صوبائی حکومت کے احکامات پر عملدرآمد یقینی بنانے کیلئے اقدامات کئے جا رہے ہیں اور عوام کو درپیش مسائل کے حل کیلئے تمام متعلقہ محکموں کو ہدایات جاری کر دی گئی ہیں۔ اس موقع پر انہوں نے کہا کہ ترقیاتی منصوبوں کی بروقت تکمیل حکومت کی اولین ترجیح ہے اور اس سلسلے میں کسی قسم کی غفلت برداشت نہیں کی جائے گی۔ اجلاس میں
بقیہ 48
غزہ
ضلعی انتظامیہ کے ساتھ مل کر صوبائی حکومت کے احکامات پر عملدرآمد یقینی بنانے کیلئے اقدامات کئے جا رہے ہیں اور عوام کو درپیش مسائل کے حل کیلئے تمام متعلقہ محکموں کو ہدایات جاری کر دی گئی ہیں۔ اس موقع پر انہوں نے کہا کہ ترقیاتی منصوبوں کی بروقت تکمیل حکومت کی اولین ترجیح ہے اور اس سلسلے میں کسی قسم کی غفلت برداشت نہیں کی جائے گی۔ اجلاس میں متعلقہ افسران نے شرکت کی اور مختلف امور پر تفصیلی بریفنگ دی گئی۔ شہریوں نے حکومت کے اس اقدام کو سراہتے ہوئے امید ظاہر کی ہے کہ اس سے علاقے میں ترقی کے نئے دور کا آغاز ہوگا۔ ضلعی انتظامیہ کے ساتھ مل کر صوبائی حکومت کے احکامات پر عملدرآمد یقینی بنانے کیلئے اقدامات کئے جا رہے ہیں اور عوام کو درپیش مسائل کے حل کیلئے تمام متعلقہ محکموں کو ہدایات جاری کر دی گئی ہیں۔ اس موقع پر انہوں نے کہا کہ ترقیاتی منصوبوں کی بروقت تکمیل حکومت کی اولین ترجیح ہے اور اس سلسلے میں کسی قسم کی غفلت برداشت نہیں کی جائے گی۔ اجلاس میں متعلقہ افسران نے شرکت کی اور مختلف امور پر تفصیلی بریفنگ دی گئی۔ شہریوں نے حکومت کے اس اقدام کو سراہتے ہوئے امید ظاہر کی ہے کہ اس سے علاقے میں ترقی کے نئے دور کا آغاز ہوگا۔ ضلعی انتظامیہ کے ساتھ مل کر صوبائی حکومت
بقیہ 49
سالوں
ضلعی انتظامیہ کے ساتھ مل کر صوبائی حکومت کے احکامات پر عملدرآمد یقینی بنانے کیلئے اقدامات کئے جا رہے ہیں اور عوام کو درپیش مسائل کے حل کیلئے تمام متعلقہ محکموں کو ہدایات جاری کر دی گئی ہیں۔ اس موقع پر انہوں نے کہا کہ ترقیاتی منصوبوں کی بروقت تکمیل حکومت کی اولین ترجیح ہے اور اس سلسلے میں کسی قسم کی غفلت برداشت نہیں کی جائے گی۔ اجلاس میں متعلقہ افسران نے شرکت کی اور مختلف امور پر تفصیلی بریفنگ دی گئی۔ شہریوں نے حکومت کے اس اقدام کو سراہتے ہوئے امید ظاہر کی ہے کہ اس سے علاقے میں ترقی کے نئے دور کا آغاز ہوگا۔ ضلعی انتظامیہ کے ساتھ مل کر صوبائی حکومت کے احکامات پر عملدرآمد یقینی بنانے کیلئے اقدامات کئے جا رہے ہیں اور عوام کو درپیش مسائل کے حل کیلئے تمام متعلقہ محکموں کو ہدایات جاری کر دی گئی ہیں۔ اس موقع پر انہوں نے کہا کہ ترقیاتی منصوبوں کی بروقت تکمیل حکومت کی اولین ترجیح ہے اور اس سلسلے میں کسی قسم کی غفلت برداشت نہیں کی جائے گی۔ اجلاس میں متعلقہ افسران نے شرکت کی اور مختلف امور پر تفصیلی بریفنگ دی گئی۔ شہریوں نے حکومت کے اس اقدام کو سراہتے
بقیہ 50
طلباء
ضلعی انتظامیہ کے ساتھ مل کر صوبائی حکومت کے احکامات پر عملدرآمد یقینی بنانے کیلئے اقدامات کئے جا رہے ہیں اور عوام کو درپیش مسائل کے حل کیلئے تمام متعلقہ محکموں کو ہدایات جاری کر دی گئی ہیں۔ اس موقع پر انہوں نے کہا کہ ترقیاتی منصوبوں کی بروقت تکمیل حکومت کی اولین ترجیح ہے اور اس سلسلے میں کسی قسم کی غفلت برداشت نہیں کی جائے گی۔ اجلاس میں متعلقہ افسران نے شرکت کی اور مختلف امور پر تفصیلی بریفنگ دی گئی۔ شہریوں نے حکومت کے اس اقدام کو سراہتے ہوئے امید ظاہر کی ہے کہ اس سے علاقے میں ترقی کے نئے دور کا آغاز ہوگا۔ ضلعی انتظامیہ کے ساتھ مل کر صوبائی حکومت کے احکامات پر عملدرآمد یقینی بنانے کیلئے اقدامات کئے جا رہے ہیں اور عوام کو درپیش مسائل کے حل کیلئے تمام متعلقہ محکموں کو ہدایات جاری کر دی گئی ہیں۔ اس موقع پر انہوں نے کہا کہ ترقیاتی منصوبوں کی بروقت تکمیل حکومت کی اولین ترجیح ہے اور اس سلسلے میں کسی قسم کی غفلت برداشت نہیں کی جائے گی۔
بقیہ 51
کرائے
ضلعی انتظامیہ کے ساتھ مل کر صوبائی حکومت کے احکامات پر عملدرآمد یقینی بنانے کیلئے اقدامات کئے جا رہے ہیں اور عوام کو درپیش مسائل کے حل کیلئے تمام متعلقہ محکموں کو ہدایات جاری کر دی گئی ہیں۔ اس موقع پر انہوں نے کہا کہ ترقیاتی منصوبوں کی بروقت تکمیل حکومت کی اولین ترجیح ہے اور اس سلسلے میں کسی قسم کی غفلت برداشت نہیں کی جائے گی۔ اجلاس میں متعلقہ افسران نے شرکت کی اور مختلف امور پر تفصیلی بریفنگ
اطلاع عام
میرے موکل نے اپنی جائیداد کے متعلق عوام الناس کو مطلع کیا ہے کہ اس جائیداد کی خرید و فروخت یا لین دین کا کوئی بھی شخص ذمہ دار ہوگا۔ کسی بھی قسم کے معاملات میں موکل ذمہ دار نہ ہوگا۔
منجانب: ایڈووکیٹ ہائی کورٹ ایبٹ آباد
